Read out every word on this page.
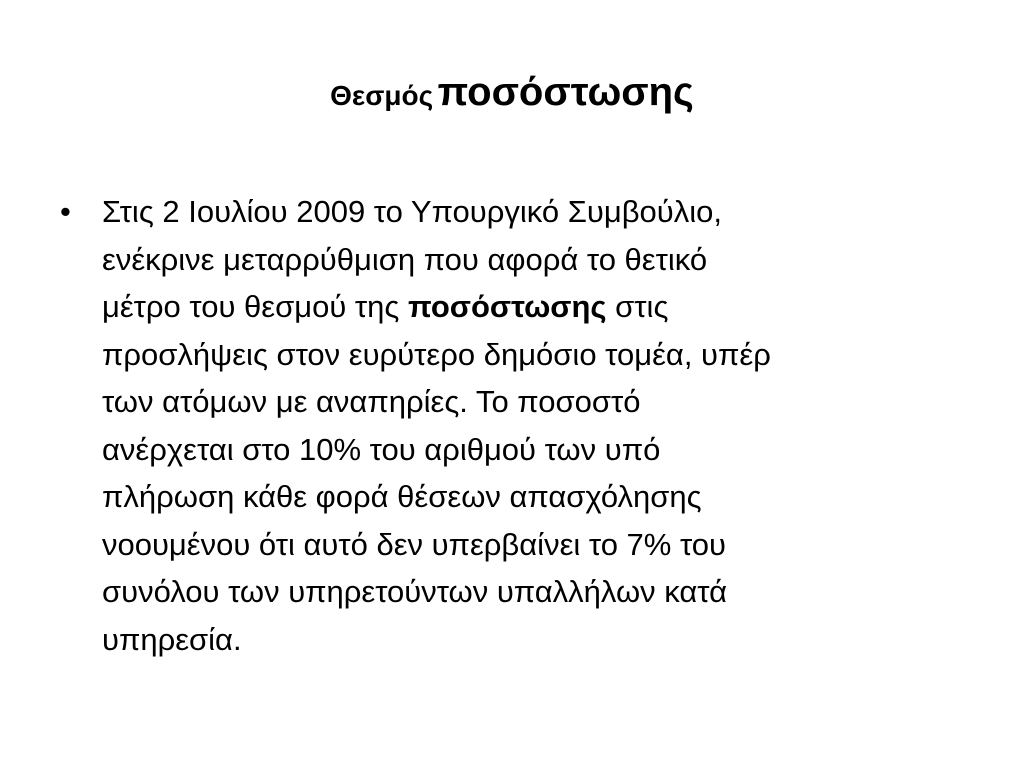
Θεσμός ποσόστωσης
• Στις 2 Ιουλίου 2009 το Υπουργικό Συμβούλιο,
ενέκρινε μεταρρύθμιση που αφορά το θετικό
μέτρο του θεσμού της ποσόστωσης στις
προσλήψεις στον ευρύτερο δημόσιο τομέα, υπέρ
των ατόμων με αναπηρίες. Το ποσοστό
ανέρχεται στο 10% του αριθμού των υπό
πλήρωση κάθε φορά θέσεων απασχόλησης
νοουμένου ότι αυτό δεν υπερβαίνει το 7% του
συνόλου των υπηρετούντων υπαλλήλων κατά
υπηρεσία.
